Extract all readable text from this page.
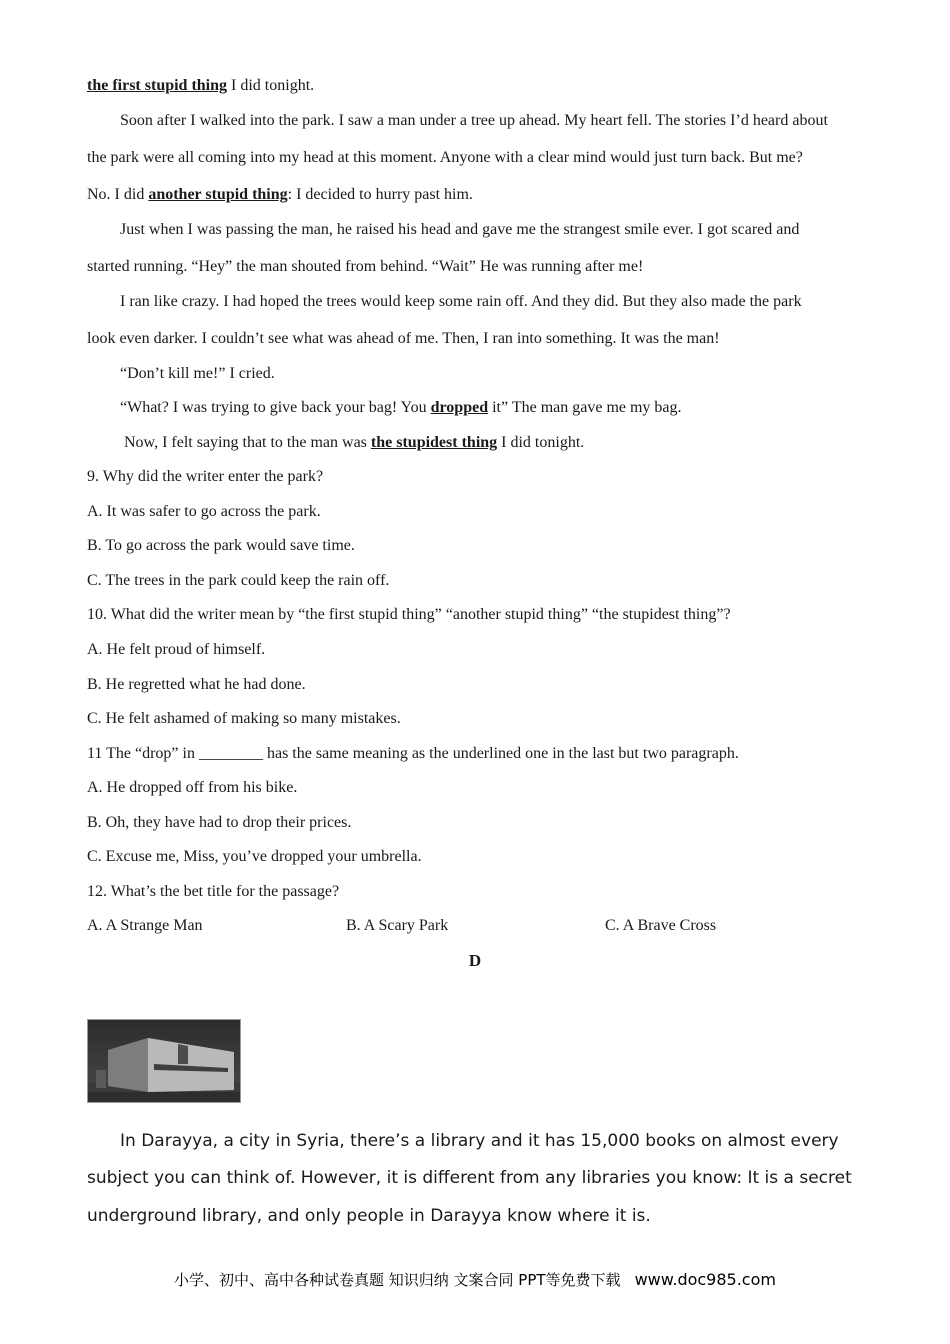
the first stupid thing I did tonight.
Soon after I walked into the park. I saw a man under a tree up ahead. My heart fell. The stories I’d heard about
the park were all coming into my head at this moment. Anyone with a clear mind would just turn back. But me?
No. I did another stupid thing: I decided to hurry past him.
Just when I was passing the man, he raised his head and gave me the strangest smile ever. I got scared and
started running. “Hey” the man shouted from behind. “Wait” He was running after me!
I ran like crazy. I had hoped the trees would keep some rain off. And they did. But they also made the park
look even darker. I couldn’t see what was ahead of me. Then, I ran into something. It was the man!
“Don’t kill me!” I cried.
“What? I was trying to give back your bag! You dropped it” The man gave me my bag.
Now, I felt saying that to the man was the stupidest thing I did tonight.
9. Why did the writer enter the park?
A. It was safer to go across the park.
B. To go across the park would save time.
C. The trees in the park could keep the rain off.
10. What did the writer mean by “the first stupid thing” “another stupid thing” “the stupidest thing”?
A. He felt proud of himself.
B. He regretted what he had done.
C. He felt ashamed of making so many mistakes.
11 The “drop” in ________ has the same meaning as the underlined one in the last but two paragraph.
A. He dropped off from his bike.
B. Oh, they have had to drop their prices.
C. Excuse me, Miss, you’ve dropped your umbrella.
12. What’s the bet title for the passage?
A. A Strange Man	B. A Scary Park	C. A Brave Cross
D
In Darayya, a city in Syria, there’s a library and it has 15,000 books on almost every
subject you can think of. However, it is different from any libraries you know: It is a secret
underground library, and only people in Darayya know where it is.
小学、初中、高中各种试卷真题 知识归纳 文案合同 PPT等免费下载 www.doc985.com
